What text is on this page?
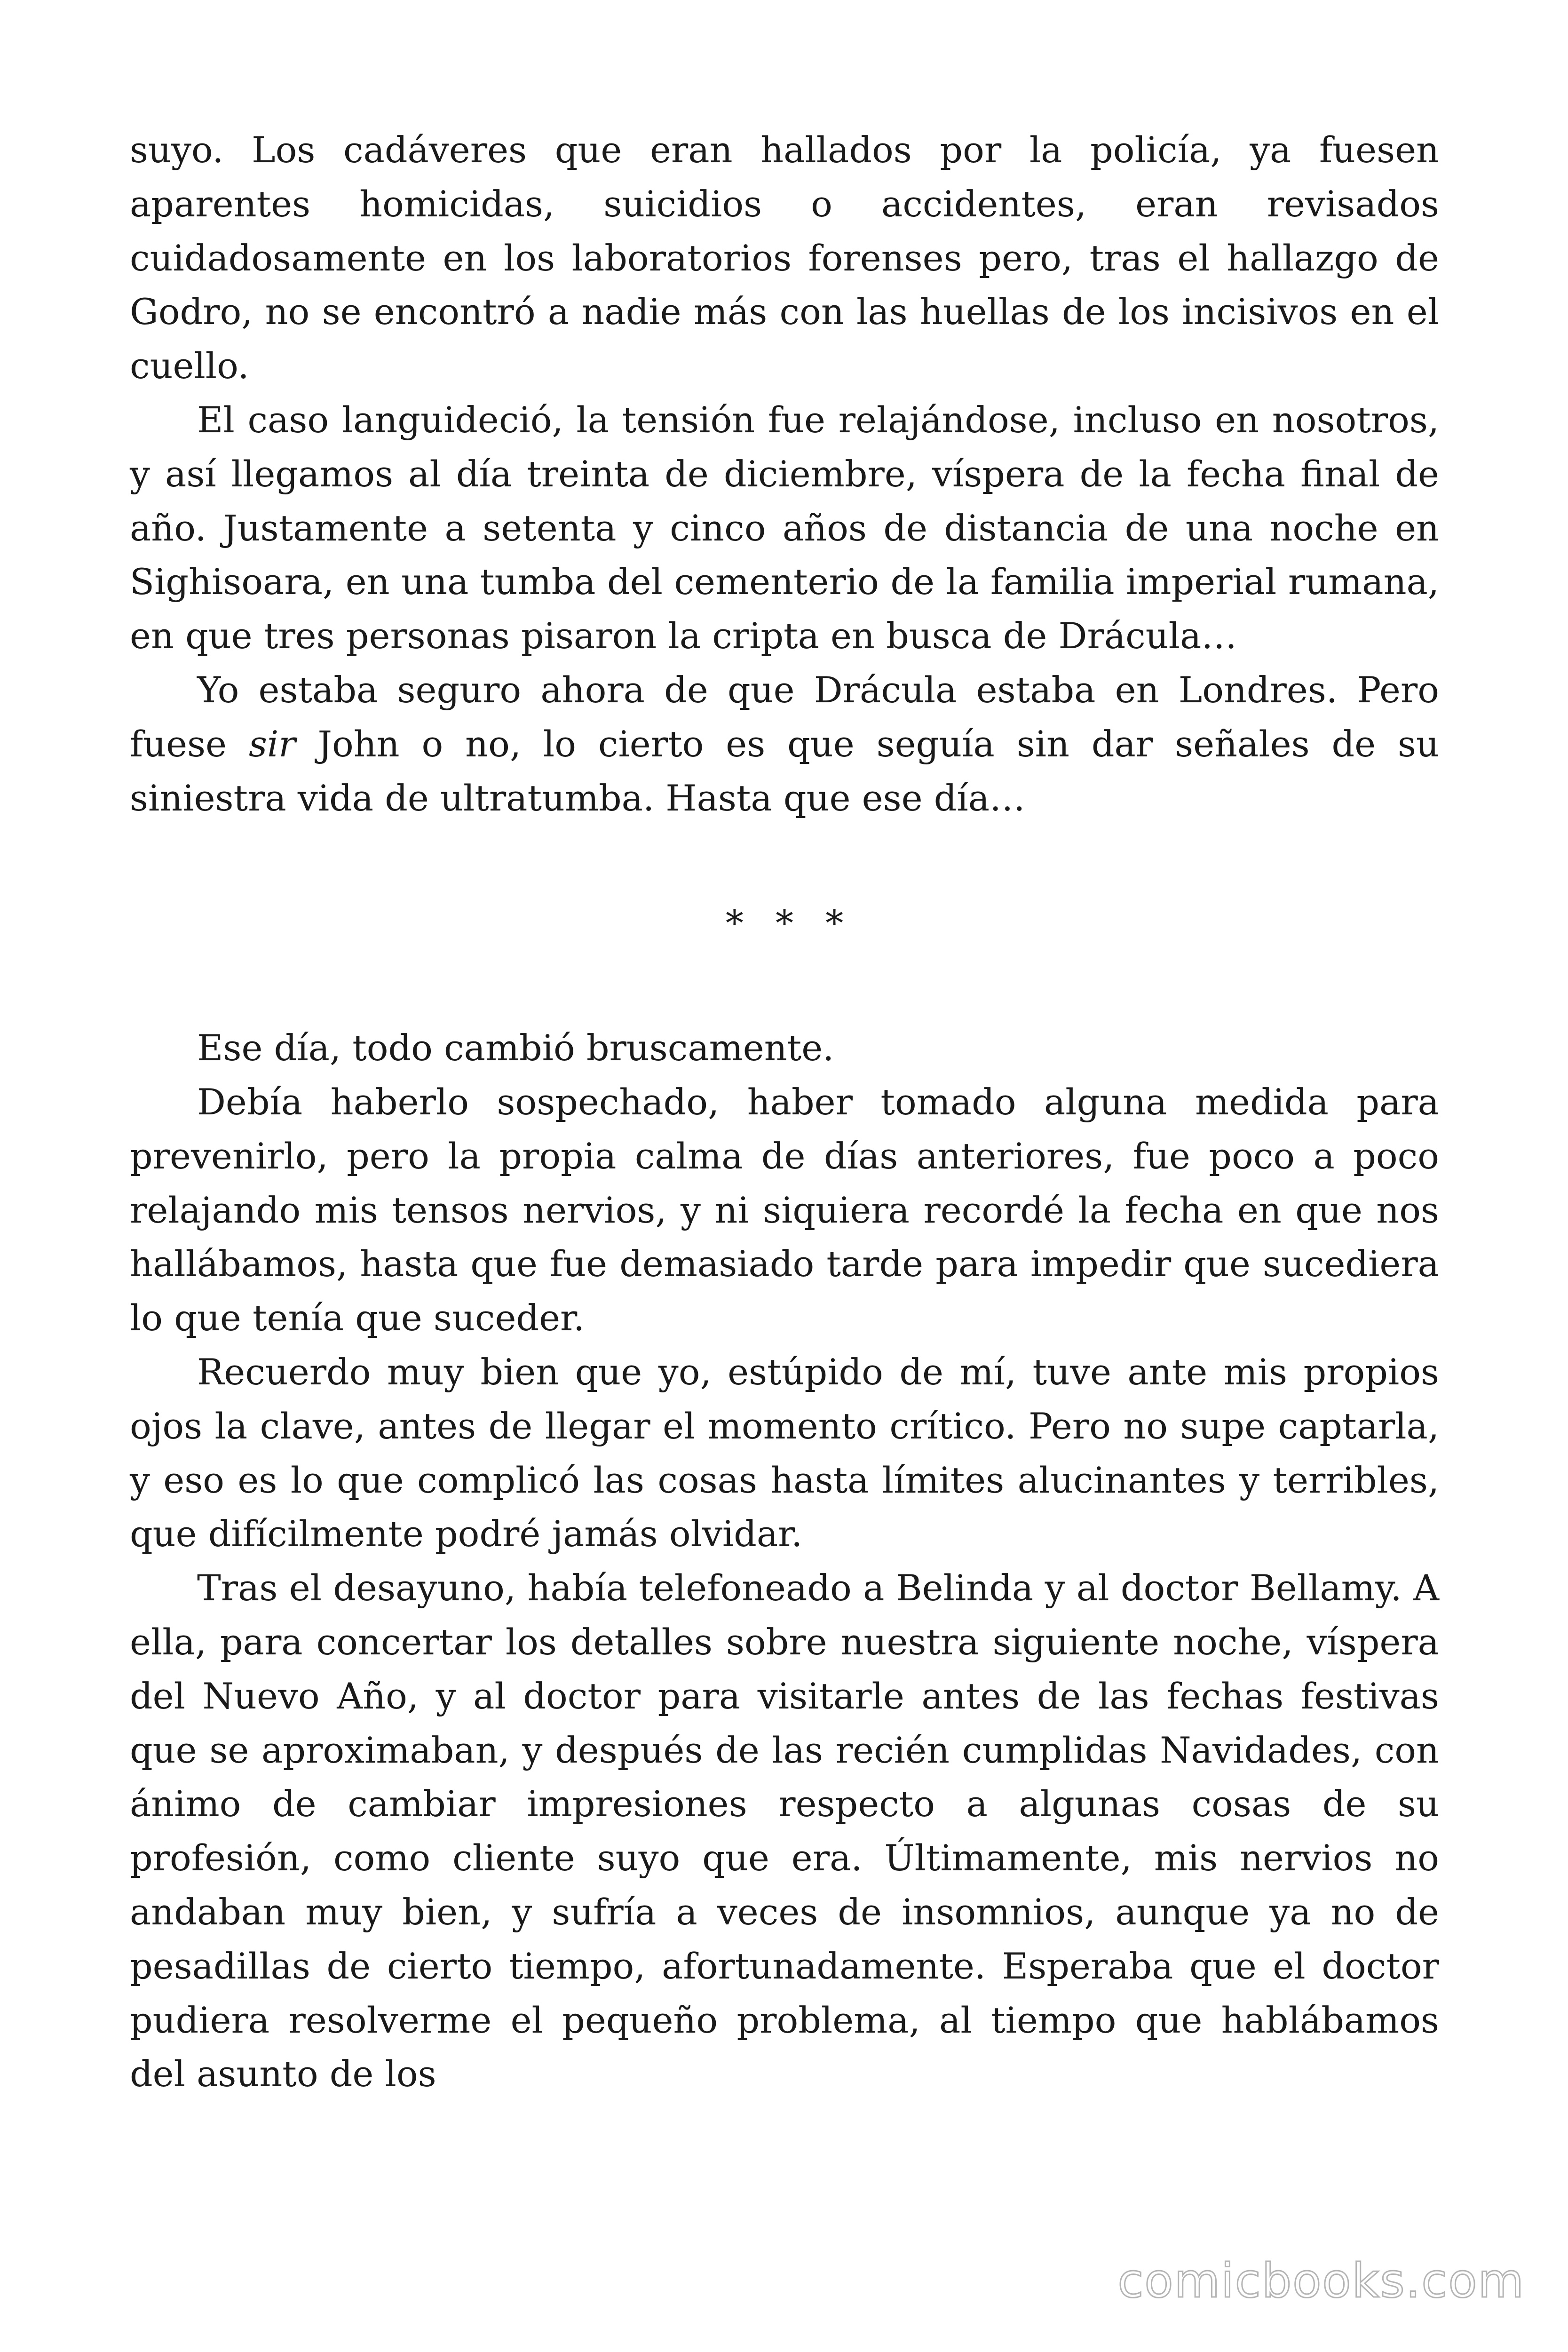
suyo. Los cadáveres que eran hallados por la policía, ya fuesen aparentes homicidas, suicidios o accidentes, eran revisados cuidadosamente en los laboratorios forenses pero, tras el hallazgo de Godro, no se encontró a nadie más con las huellas de los incisivos en el cuello.

El caso languideció, la tensión fue relajándose, incluso en nosotros, y así llegamos al día treinta de diciembre, víspera de la fecha final de año. Justamente a setenta y cinco años de distancia de una noche en Sighisoara, en una tumba del cementerio de la familia imperial rumana, en que tres personas pisaron la cripta en busca de Drácula…

Yo estaba seguro ahora de que Drácula estaba en Londres. Pero fuese sir John o no, lo cierto es que seguía sin dar señales de su siniestra vida de ultratumba. Hasta que ese día…

* * *

Ese día, todo cambió bruscamente.

Debía haberlo sospechado, haber tomado alguna medida para prevenirlo, pero la propia calma de días anteriores, fue poco a poco relajando mis tensos nervios, y ni siquiera recordé la fecha en que nos hallábamos, hasta que fue demasiado tarde para impedir que sucediera lo que tenía que suceder.

Recuerdo muy bien que yo, estúpido de mí, tuve ante mis propios ojos la clave, antes de llegar el momento crítico. Pero no supe captarla, y eso es lo que complicó las cosas hasta límites alucinantes y terribles, que difícilmente podré jamás olvidar.

Tras el desayuno, había telefoneado a Belinda y al doctor Bellamy. A ella, para concertar los detalles sobre nuestra siguiente noche, víspera del Nuevo Año, y al doctor para visitarle antes de las fechas festivas que se aproximaban, y después de las recién cumplidas Navidades, con ánimo de cambiar impresiones respecto a algunas cosas de su profesión, como cliente suyo que era. Últimamente, mis nervios no andaban muy bien, y sufría a veces de insomnios, aunque ya no de pesadillas de cierto tiempo, afortunadamente. Esperaba que el doctor pudiera resolverme el pequeño problema, al tiempo que hablábamos del asunto de los

comicbooks.com
